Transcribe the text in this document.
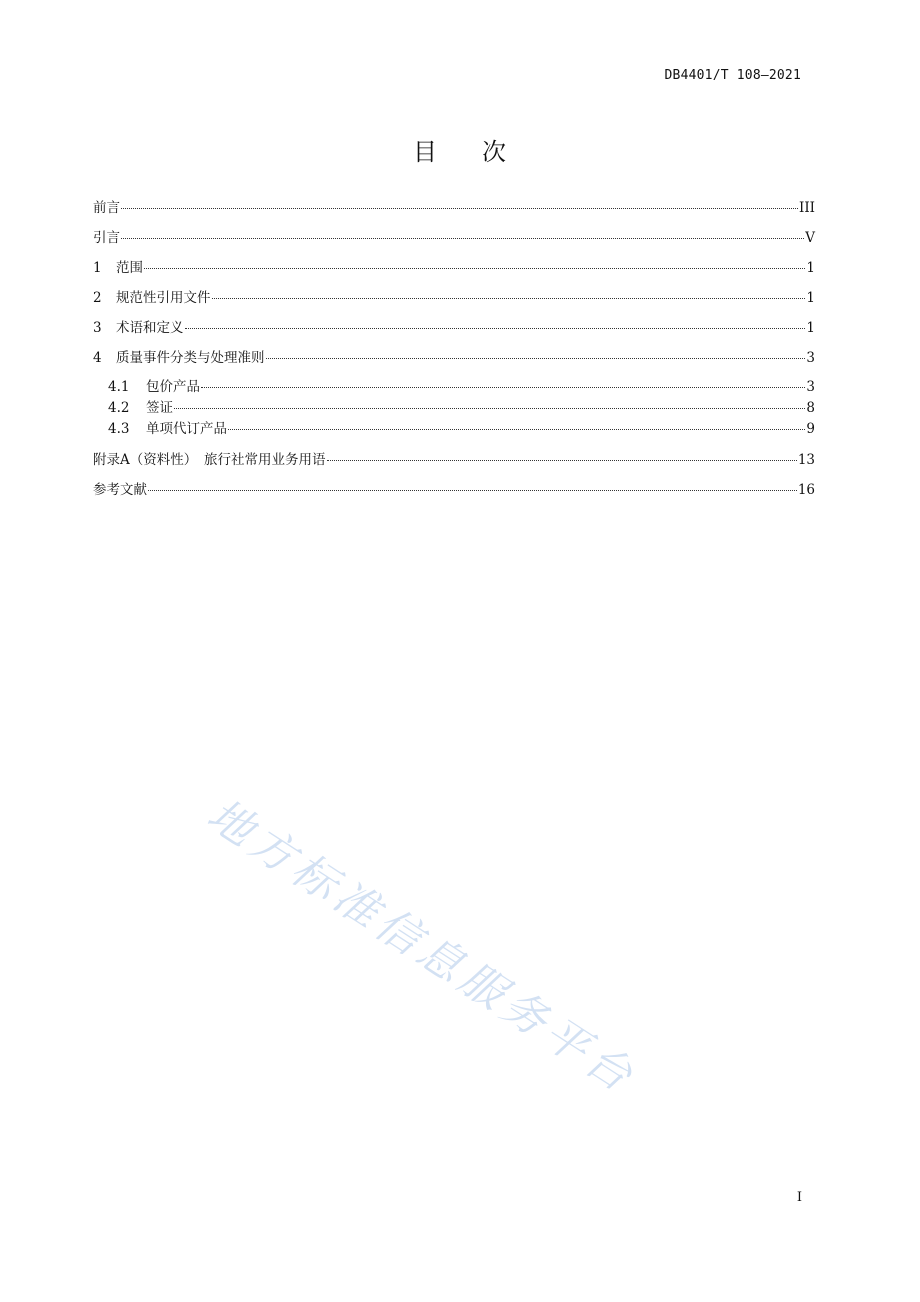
DB4401/T 108—2021
目 次
前言	III
引言	V
1	范围	1
2	规范性引用文件	1
3	术语和定义	1
4	质量事件分类与处理准则	3
4.1	包价产品	3
4.2	签证	8
4.3	单项代订产品	9
附录A（资料性）　旅行社常用业务用语	13
参考文献	16
地方标准信息服务平台
I
